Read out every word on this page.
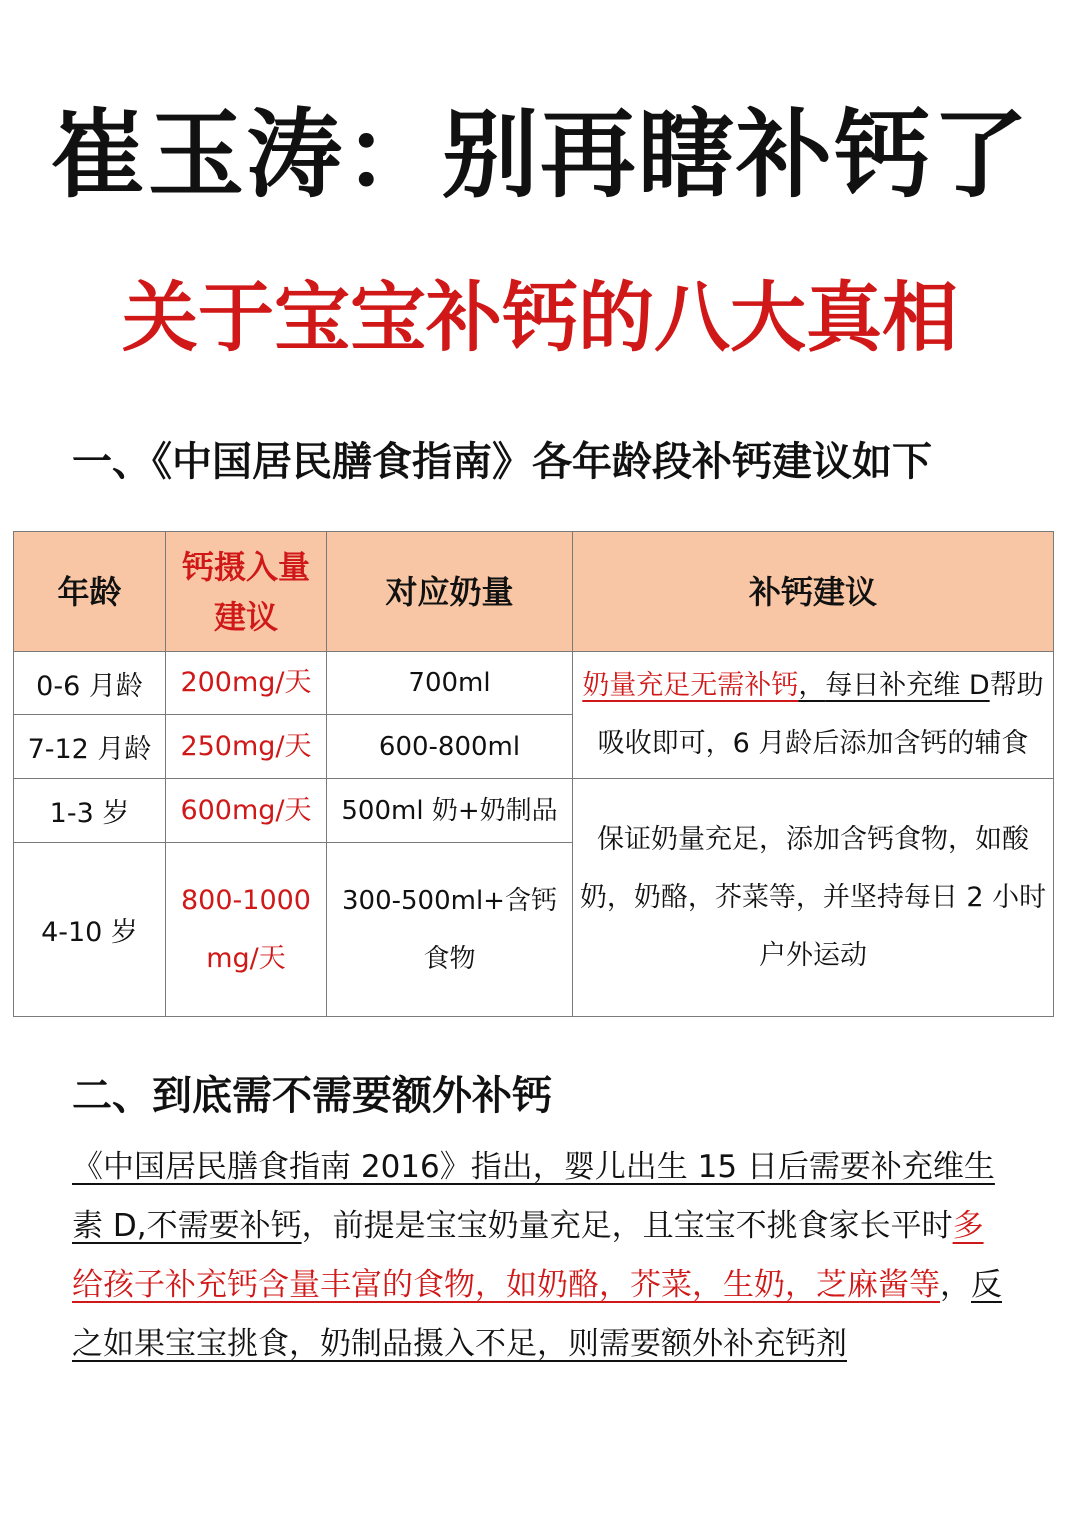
崔玉涛：别再瞎补钙了
关于宝宝补钙的八大真相
一、《中国居民膳食指南》各年龄段补钙建议如下
年龄	钙摄入量建议	对应奶量	补钙建议
0-6 月龄	200mg/天	700ml	奶量充足无需补钙，每日补充维 D帮助吸收即可，6 月龄后添加含钙的辅食
7-12 月龄	250mg/天	600-800ml	
1-3 岁	600mg/天	500ml 奶+奶制品	保证奶量充足，添加含钙食物，如酸奶，奶酪，芥菜等，并坚持每日 2 小时户外运动
4-10 岁	800-1000 mg/天	300-500ml+含钙食物	
二、到底需不需要额外补钙
《中国居民膳食指南 2016》指出，婴儿出生 15 日后需要补充维生素 D,不需要补钙，前提是宝宝奶量充足，且宝宝不挑食家长平时多给孩子补充钙含量丰富的食物，如奶酪，芥菜，生奶，芝麻酱等，反之如果宝宝挑食，奶制品摄入不足，则需要额外补充钙剂
